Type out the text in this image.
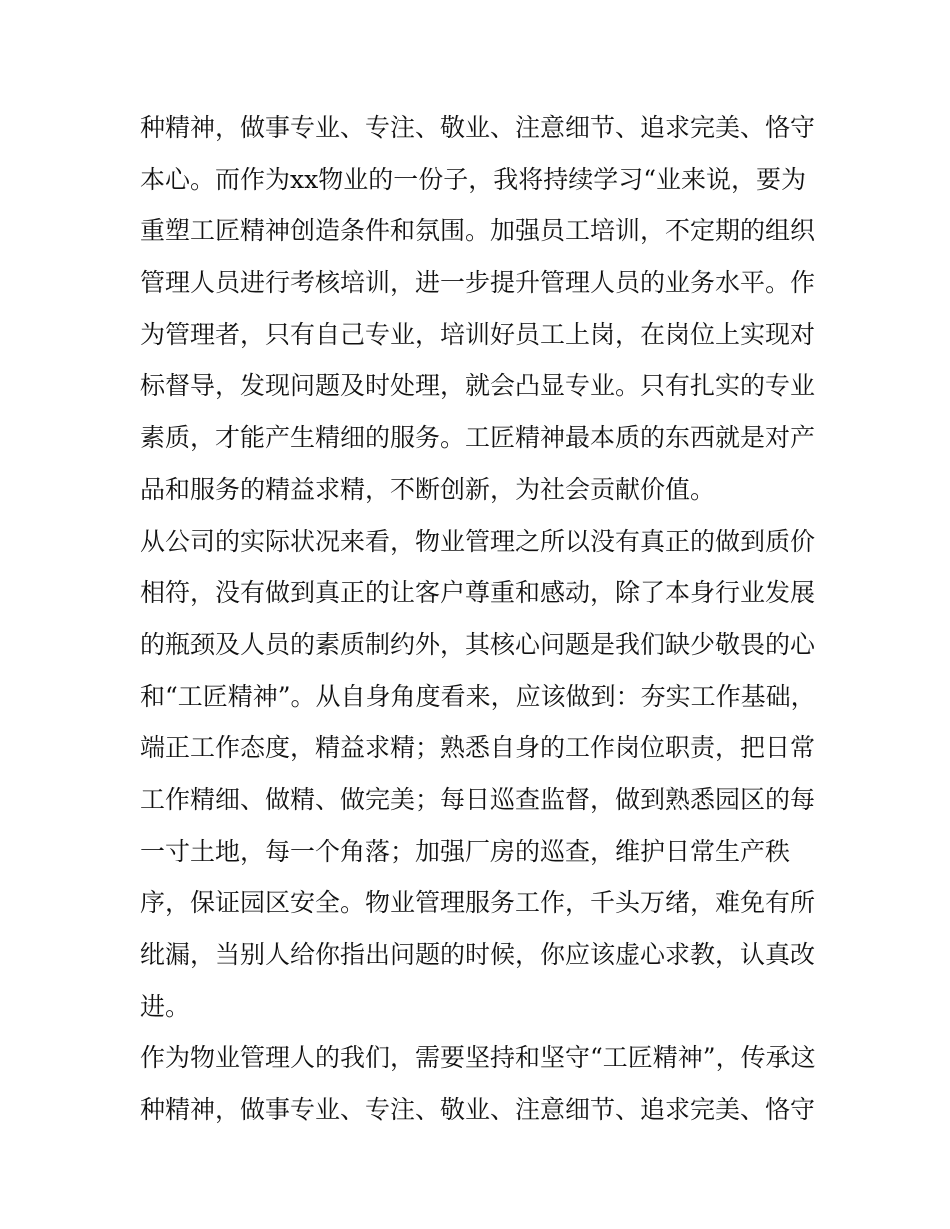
种精神，做事专业、专注、敬业、注意细节、追求完美、恪守
本心。而作为xx物业的一份子，我将持续学习“业来说，要为
重塑工匠精神创造条件和氛围。加强员工培训，不定期的组织
管理人员进行考核培训，进一步提升管理人员的业务水平。作
为管理者，只有自己专业，培训好员工上岗，在岗位上实现对
标督导，发现问题及时处理，就会凸显专业。只有扎实的专业
素质，才能产生精细的服务。工匠精神最本质的东西就是对产
品和服务的精益求精，不断创新，为社会贡献价值。
从公司的实际状况来看，物业管理之所以没有真正的做到质价
相符，没有做到真正的让客户尊重和感动，除了本身行业发展
的瓶颈及人员的素质制约外，其核心问题是我们缺少敬畏的心
和“工匠精神”。从自身角度看来，应该做到：夯实工作基础，
端正工作态度，精益求精；熟悉自身的工作岗位职责，把日常
工作精细、做精、做完美；每日巡查监督，做到熟悉园区的每
一寸土地，每一个角落；加强厂房的巡查，维护日常生产秩
序，保证园区安全。物业管理服务工作，千头万绪，难免有所
纰漏，当别人给你指出问题的时候，你应该虚心求教，认真改
进。
作为物业管理人的我们，需要坚持和坚守“工匠精神”，传承这
种精神，做事专业、专注、敬业、注意细节、追求完美、恪守
